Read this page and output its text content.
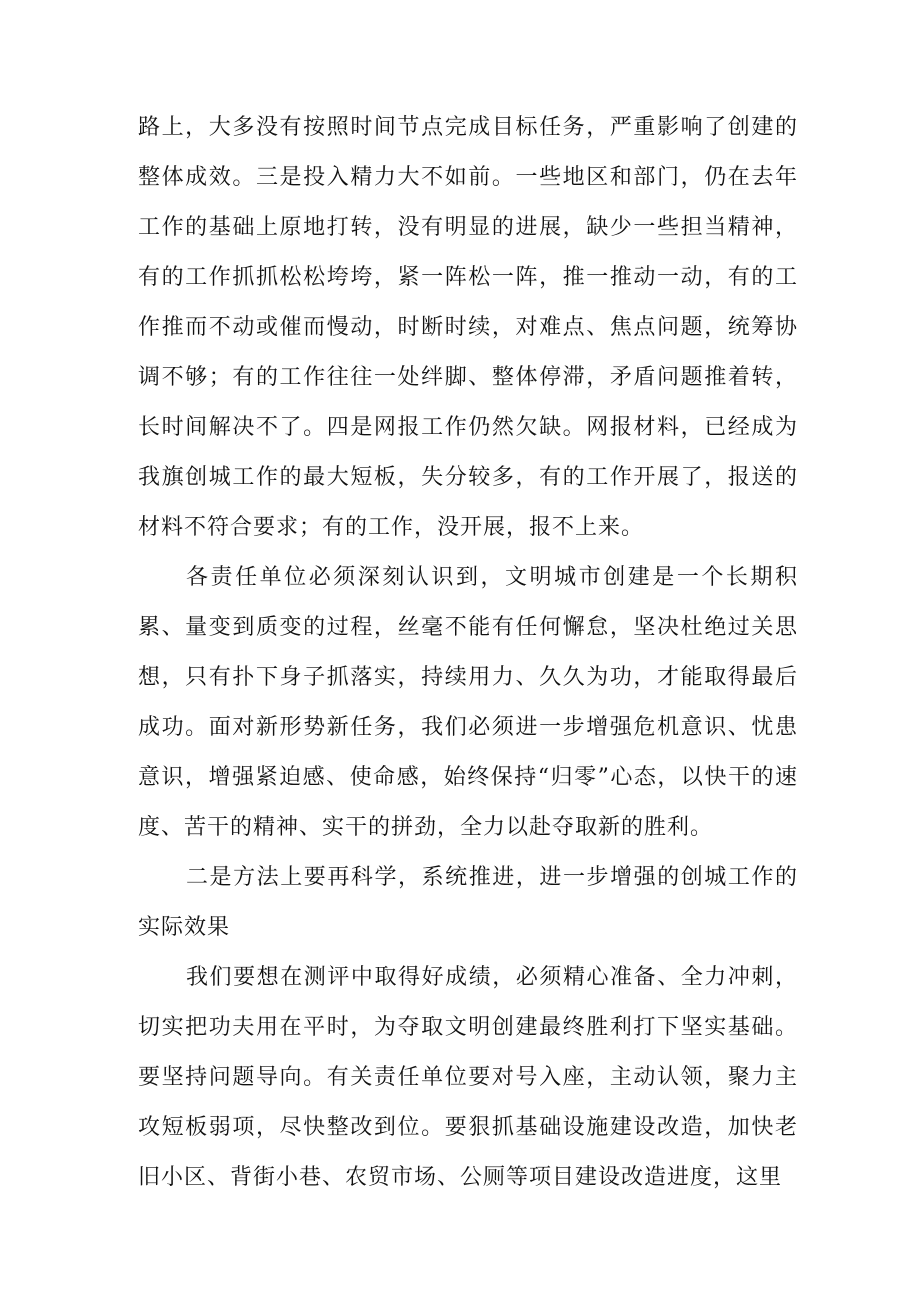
路上，大多没有按照时间节点完成目标任务，严重影响了创建的整体成效。三是投入精力大不如前。一些地区和部门，仍在去年工作的基础上原地打转，没有明显的进展，缺少一些担当精神，有的工作抓抓松松垮垮，紧一阵松一阵，推一推动一动，有的工作推而不动或催而慢动，时断时续，对难点、焦点问题，统筹协调不够；有的工作往往一处绊脚、整体停滞，矛盾问题推着转，长时间解决不了。四是网报工作仍然欠缺。网报材料，已经成为我旗创城工作的最大短板，失分较多，有的工作开展了，报送的材料不符合要求；有的工作，没开展，报不上来。

各责任单位必须深刻认识到，文明城市创建是一个长期积累、量变到质变的过程，丝毫不能有任何懈怠，坚决杜绝过关思想，只有扑下身子抓落实，持续用力、久久为功，才能取得最后成功。面对新形势新任务，我们必须进一步增强危机意识、忧患意识，增强紧迫感、使命感，始终保持“归零”心态，以快干的速度、苦干的精神、实干的拼劲，全力以赴夺取新的胜利。

二是方法上要再科学，系统推进，进一步增强的创城工作的实际效果

我们要想在测评中取得好成绩，必须精心准备、全力冲刺，切实把功夫用在平时，为夺取文明创建最终胜利打下坚实基础。要坚持问题导向。有关责任单位要对号入座，主动认领，聚力主攻短板弱项，尽快整改到位。要狠抓基础设施建设改造，加快老旧小区、背街小巷、农贸市场、公厕等项目建设改造进度，这里
